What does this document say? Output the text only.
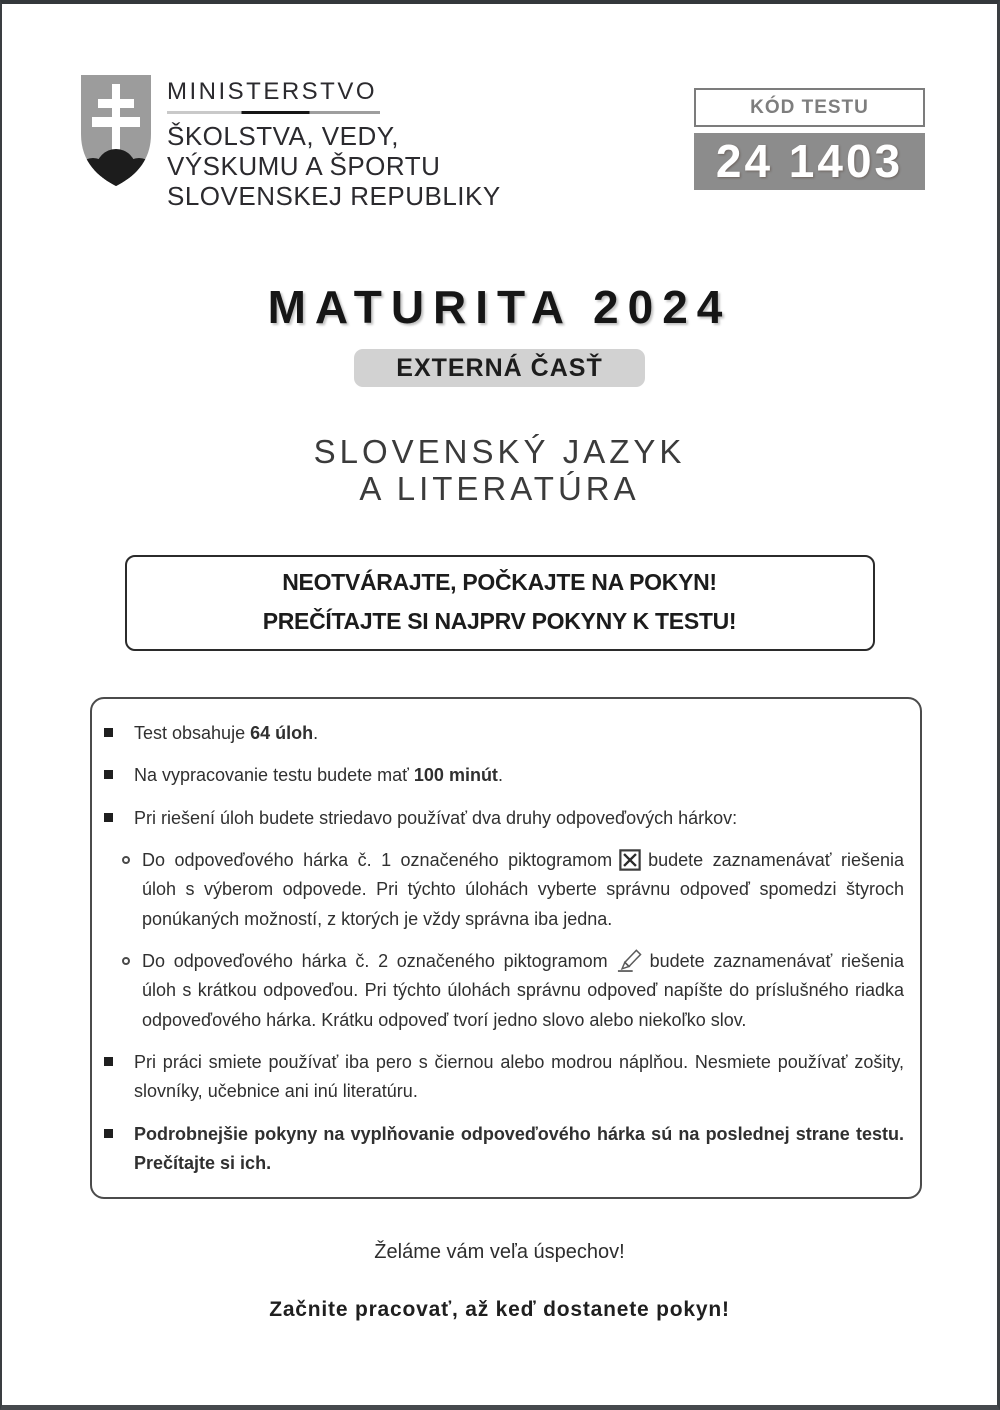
MINISTERSTVO
ŠKOLSTVA, VEDY,
VÝSKUMU A ŠPORTU
SLOVENSKEJ REPUBLIKY
KÓD TESTU
24 1403
MATURITA 2024
EXTERNÁ ČASŤ
SLOVENSKÝ JAZYK
A LITERATÚRA
NEOTVÁRAJTE, POČKAJTE NA POKYN!
PREČÍTAJTE SI NAJPRV POKYNY K TESTU!

Test obsahuje 64 úloh.

Na vypracovanie testu budete mať 100 minút.

Pri riešení úloh budete striedavo používať dva druhy odpoveďových hárkov:

Do odpoveďového hárka č. 1 označeného piktogramom budete zaznamenávať riešenia úloh s výberom odpovede. Pri týchto úlohách vyberte správnu odpoveď spomedzi štyroch ponúkaných možností, z ktorých je vždy správna iba jedna.

Do odpoveďového hárka č. 2 označeného piktogramom budete zaznamenávať riešenia úloh s krátkou odpoveďou. Pri týchto úlohách správnu odpoveď napíšte do príslušného riadka odpoveďového hárka. Krátku odpoveď tvorí jedno slovo alebo niekoľko slov.

Pri práci smiete používať iba pero s čiernou alebo modrou náplňou. Nesmiete používať zošity, slovníky, učebnice ani inú literatúru.

Podrobnejšie pokyny na vyplňovanie odpoveďového hárka sú na poslednej strane testu. Prečítajte si ich.

Želáme vám veľa úspechov!
Začnite pracovať, až keď dostanete pokyn!
